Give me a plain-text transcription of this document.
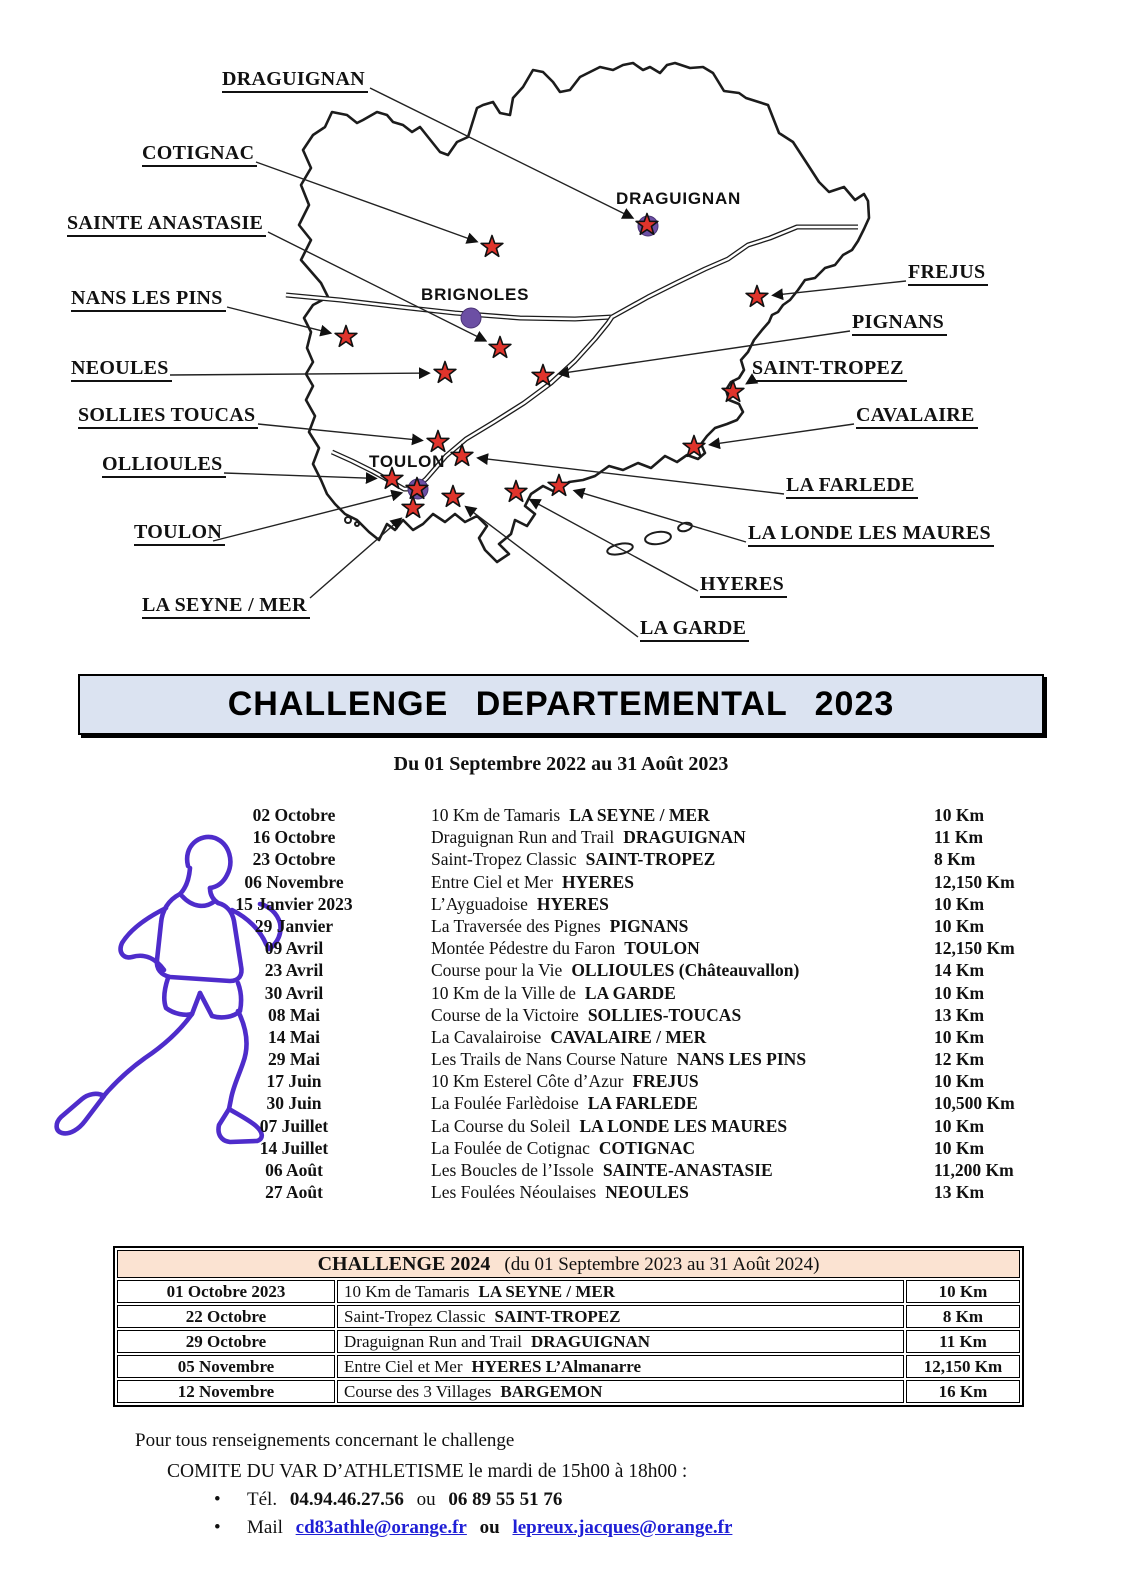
DRAGUIGNAN
COTIGNAC
SAINTE ANASTASIE
NANS LES PINS
NEOULES
SOLLIES TOUCAS
OLLIOULES
TOULON
LA SEYNE / MER
FREJUS
PIGNANS
SAINT-TROPEZ
CAVALAIRE
LA FARLEDE
LA LONDE LES MAURES
HYERES
LA GARDE
DRAGUIGNAN
BRIGNOLES
TOULON
CHALLENGE DEPARTEMENTAL 2023
Du 01 Septembre 2022 au 31 Août 2023
02 Octobre	10 Km de Tamaris LA SEYNE / MER	10 Km
16 Octobre	Draguignan Run and Trail DRAGUIGNAN	11 Km
23 Octobre	Saint-Tropez Classic SAINT-TROPEZ	8 Km
06 Novembre	Entre Ciel et Mer HYERES	12,150 Km
15 Janvier 2023	L’Ayguadoise HYERES	10 Km
29 Janvier	La Traversée des Pignes PIGNANS	10 Km
09 Avril	Montée Pédestre du Faron TOULON	12,150 Km
23 Avril	Course pour la Vie OLLIOULES (Châteauvallon)	14 Km
30 Avril	10 Km de la Ville de LA GARDE	10 Km
08 Mai	Course de la Victoire SOLLIES-TOUCAS	13 Km
14 Mai	La Cavalairoise CAVALAIRE / MER	10 Km
29 Mai	Les Trails de Nans Course Nature NANS LES PINS	12 Km
17 Juin	10 Km Esterel Côte d’Azur FREJUS	10 Km
30 Juin	La Foulée Farlèdoise LA FARLEDE	10,500 Km
07 Juillet	La Course du Soleil LA LONDE LES MAURES	10 Km
14 Juillet	La Foulée de Cotignac COTIGNAC	10 Km
06 Août	Les Boucles de l’Issole SAINTE-ANASTASIE	11,200 Km
27 Août	Les Foulées Néoulaises NEOULES	13 Km
CHALLENGE 2024 (du 01 Septembre 2023 au 31 Août 2024)		
01 Octobre 2023	10 Km de Tamaris LA SEYNE / MER	10 Km
22 Octobre	Saint-Tropez Classic SAINT-TROPEZ	8 Km
29 Octobre	Draguignan Run and Trail DRAGUIGNAN	11 Km
05 Novembre	Entre Ciel et Mer HYERES L’Almanarre	12,150 Km
12 Novembre	Course des 3 Villages BARGEMON	16 Km
Pour tous renseignements concernant le challenge
COMITE DU VAR D’ATHLETISME le mardi de 15h00 à 18h00 :
• Tél. 04.94.46.27.56 ou 06 89 55 51 76
• Mail cd83athle@orange.fr ou lepreux.jacques@orange.fr
